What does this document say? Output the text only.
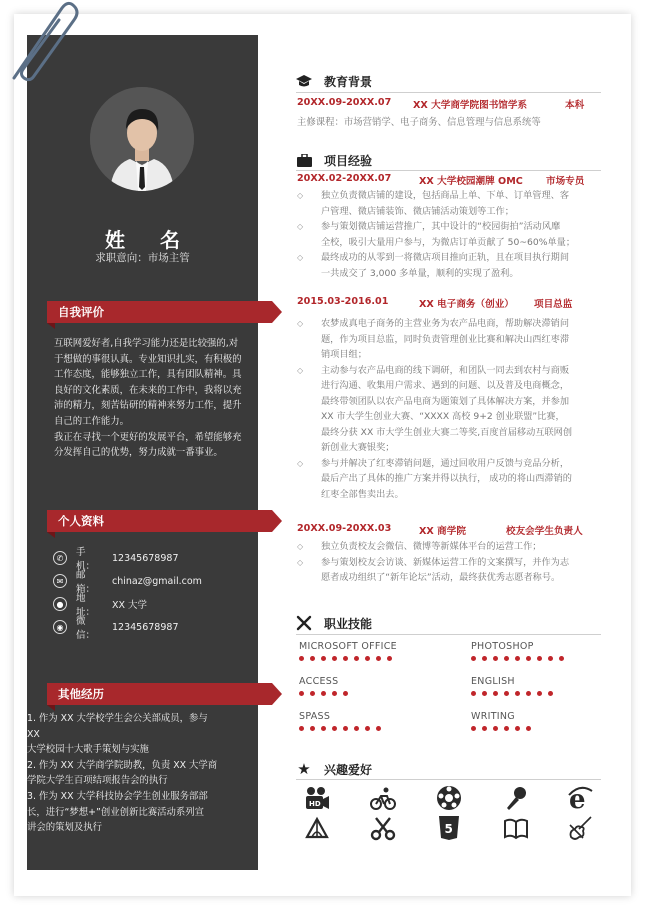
姓 名
求职意向：市场主管
自我评价
互联网爱好者,自我学习能力还是比较强的,对
于想做的事很认真。专业知识扎实，有积极的
工作态度，能够独立工作，具有团队精神。具
良好的文化素质，在未来的工作中，我将以充
沛的精力，刻苦钻研的精神来努力工作，提升
自己的工作能力。
我正在寻找一个更好的发展平台，希望能够充
分发挥自己的优势，努力成就一番事业。
个人资料
✆	手　　机：
12345678987
✉	邮　　箱：
chinaz@gmail.com
●	地　　址：
XX 大学
◉	微　　信：
12345678987
其他经历
1. 作为 XX 大学校学生会公关部成员，参与 XX
大学校园十大歌手策划与实施
2. 作为 XX 大学商学院助教，负责 XX 大学商
学院大学生百项结项报告会的执行
3. 作为 XX 大学科技协会学生创业服务部部
长，进行“梦想+”创业创新比赛活动系列宣
讲会的策划及执行
教育背景
20XX.09-20XX.07	XX 大学商学院图书馆学系	本科
主修课程：市场营销学、电子商务、信息管理与信息系统等
项目经验
20XX.02-20XX.07	XX 大学校园潮牌 OMC	市场专员
◇	独立负责微店铺的建设，包括商品上单、下单、订单管理、客
户管理、微店铺装饰、微店铺活动策划等工作；
◇	参与策划微店铺运营推广，其中设计的“校园街拍”活动风靡
全校，吸引大量用户参与，为微店订单贡献了 50~60%单量；
◇	最终成功的从零到一将微店项目推向正轨，且在项目执行期间
一共成交了 3,000 多单量，顺利的实现了盈利。
2015.03-2016.01	XX 电子商务（创业）	项目总监
◇	农梦成真电子商务的主营业务为农产品电商，帮助解决滞销问
题，作为项目总监，同时负责管理创业比赛和解决山西红枣滞
销项目组；
◇	主动参与农产品电商的线下调研，和团队一同去到农村与商贩
进行沟通、收集用户需求、遇到的问题、以及普及电商概念，
最终带领团队以农产品电商为题策划了具体解决方案，并参加
XX 市大学生创业大赛、“XXXX 高校 9+2 创业联盟”比赛，
最终分获 XX 市大学生创业大赛二等奖,百度首届移动互联网创
新创业大赛银奖；
◇	参与并解决了红枣滞销问题，通过回收用户反馈与竞品分析，
最后产出了具体的推广方案并得以执行， 成功的将山西滞销的
红枣全部售卖出去。
20XX.09-20XX.03	XX 商学院	校友会学生负责人
◇	独立负责校友会微信、微博等新媒体平台的运营工作；
◇	参与策划校友会访谈、新媒体运营工作的文案撰写，并作为志
愿者成功组织了“新年论坛”活动，最终获优秀志愿者称号。
职业技能
MICROSOFT OFFICE	PHOTOSHOP
ACCESS	ENGLISH
SPASS	WRITING
★ 兴趣爱好
HD	e
5
